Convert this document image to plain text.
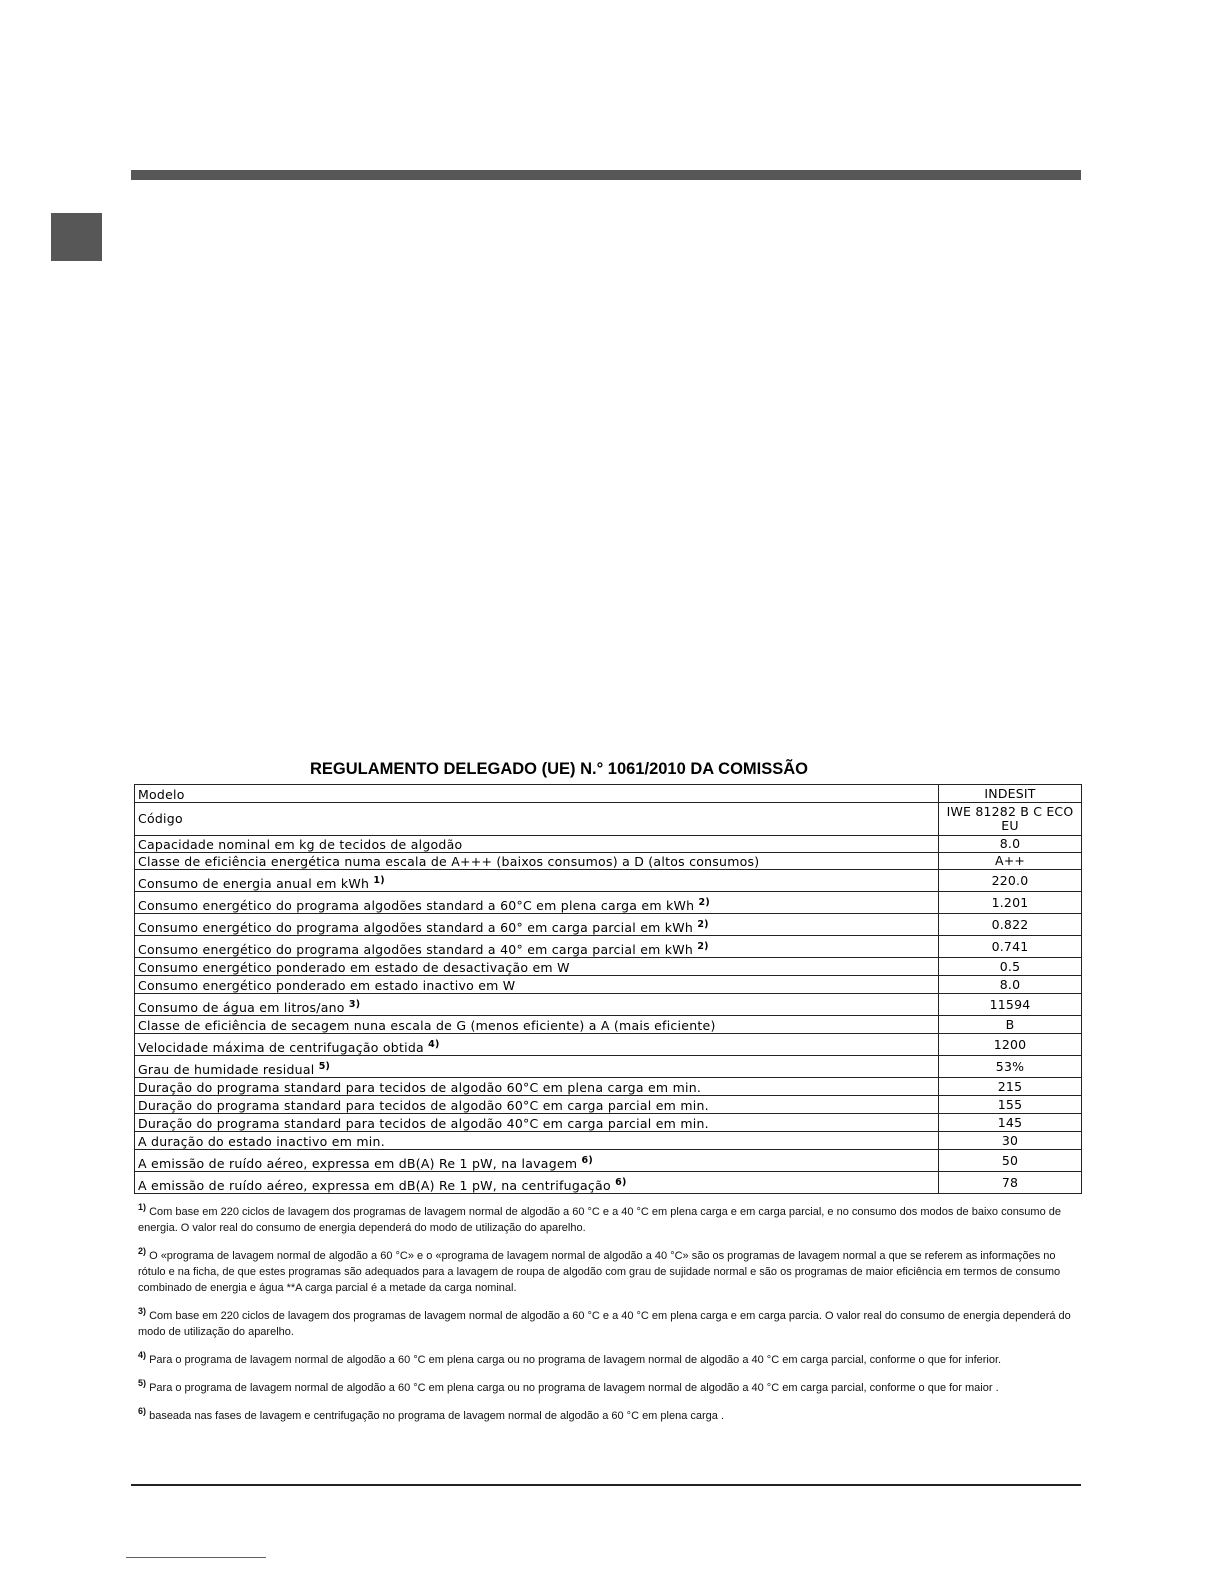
REGULAMENTO DELEGADO (UE) N.° 1061/2010 DA COMISSÃO
Modelo	INDESIT
Código	IWE 81282 B C ECO EU
Capacidade nominal em kg de tecidos de algodão	8.0
Classe de eficiência energética numa escala de A+++ (baixos consumos) a D (altos consumos)	A++
Consumo de energia anual em kWh $^{1)}$	220.0
Consumo energético do programa algodões standard a 60°C em plena carga em kWh $^{2)}$	1.201
Consumo energético do programa algodões standard a 60° em carga parcial em kWh $^{2)}$	0.822
Consumo energético do programa algodões standard a 40° em carga parcial em kWh $^{2)}$	0.741
Consumo energético ponderado em estado de desactivação em W	0.5
Consumo energético ponderado em estado inactivo em W	8.0
Consumo de água em litros/ano $^{3)}$	11594
Classe de eficiência de secagem nuna escala de G (menos eficiente) a A (mais eficiente)	B
Velocidade máxima de centrifugação obtida $^{4)}$	1200
Grau de humidade residual $^{5)}$	53%
Duração do programa standard para tecidos de algodão 60°C em plena carga em min.	215
Duração do programa standard para tecidos de algodão 60°C em carga parcial em min.	155
Duração do programa standard para tecidos de algodão 40°C em carga parcial em min.	145
A duração do estado inactivo em min.	30
A emissão de ruído aéreo, expressa em dB(A) Re 1 pW, na lavagem $^{6)}$	50
A emissão de ruído aéreo, expressa em dB(A) Re 1 pW, na centrifugação $^{6)}$	78

$^{1)}$ Com base em 220 ciclos de lavagem dos programas de lavagem normal de algodão a 60 °C e a 40 °C em plena carga e em carga parcial, e no consumo dos modos de baixo consumo de energia. O valor real do consumo de energia dependerá do modo de utilização do aparelho.

$^{2)}$ O «programa de lavagem normal de algodão a 60 °C» e o «programa de lavagem normal de algodão a 40 °C» são os programas de lavagem normal a que se referem as informações no rótulo e na ficha, de que estes programas são adequados para a lavagem de roupa de algodão com grau de sujidade normal e são os programas de maior eficiência em termos de consumo combinado de energia e água **A carga parcial é a metade da carga nominal.

$^{3)}$ Com base em 220 ciclos de lavagem dos programas de lavagem normal de algodão a 60 °C e a 40 °C em plena carga e em carga parcia. O valor real do consumo de energia dependerá do modo de utilização do aparelho.

$^{4)}$ Para o programa de lavagem normal de algodão a 60 °C em plena carga ou no programa de lavagem normal de algodão a 40 °C em carga parcial, conforme o que for inferior.

$^{5)}$ Para o programa de lavagem normal de algodão a 60 °C em plena carga ou no programa de lavagem normal de algodão a 40 °C em carga parcial, conforme o que for maior .

$^{6)}$ baseada nas fases de lavagem e centrifugação no programa de lavagem normal de algodão a 60 °C em plena carga .
